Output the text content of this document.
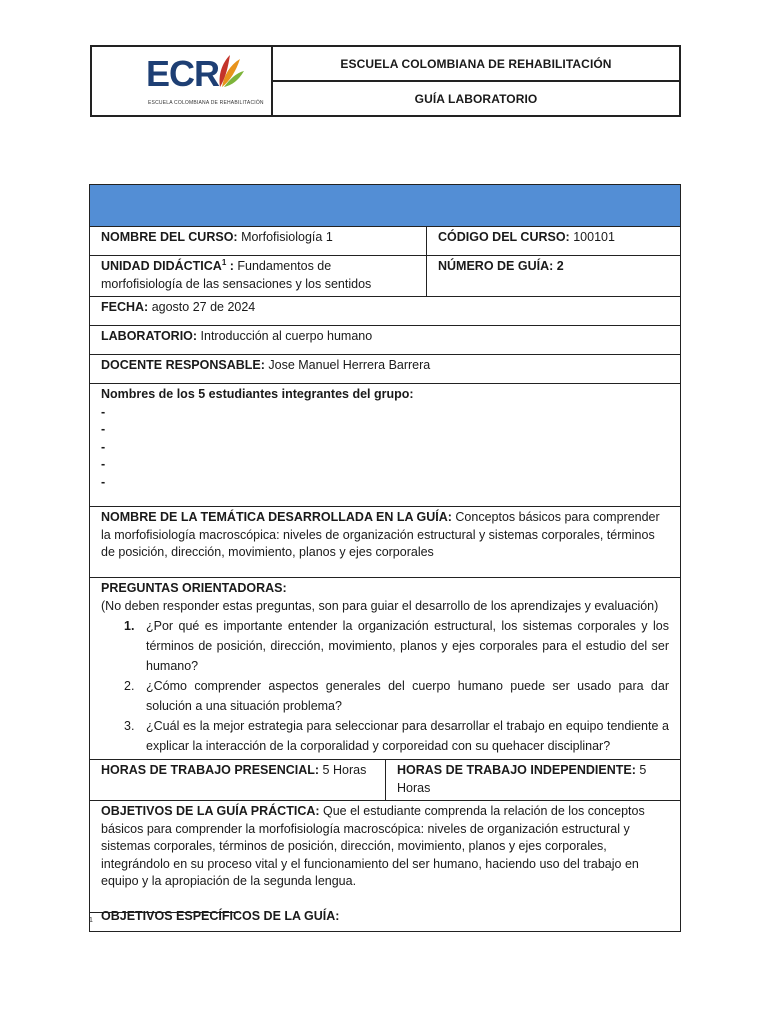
ECR
ESCUELA COLOMBIANA DE REHABILITACIÓN
ESCUELA COLOMBIANA DE REHABILITACIÓN
GUÍA LABORATORIO
NOMBRE DEL CURSO: Morfofisiología 1	CÓDIGO DEL CURSO: 100101
UNIDAD DIDÁCTICA$^1$ : Fundamentos de morfofisiología de las sensaciones y los sentidos
NÚMERO DE GUÍA: 2
FECHA: agosto 27 de 2024
LABORATORIO: Introducción al cuerpo humano
DOCENTE RESPONSABLE: Jose Manuel Herrera Barrera
Nombres de los 5 estudiantes integrantes del grupo:
-
-
-
-
-
NOMBRE DE LA TEMÁTICA DESARROLLADA EN LA GUÍA: Conceptos básicos para comprender la morfofisiología macroscópica: niveles de organización estructural y sistemas corporales, términos de posición, dirección, movimiento, planos y ejes corporales
PREGUNTAS ORIENTADORAS:
(No deben responder estas preguntas, son para guiar el desarrollo de los aprendizajes y evaluación)
1. ¿Por qué es importante entender la organización estructural, los sistemas corporales y los términos de posición, dirección, movimiento, planos y ejes corporales para el estudio del ser humano?
2. ¿Cómo comprender aspectos generales del cuerpo humano puede ser usado para dar solución a una situación problema?
3. ¿Cuál es la mejor estrategia para seleccionar para desarrollar el trabajo en equipo tendiente a explicar la interacción de la corporalidad y corporeidad con su quehacer disciplinar?
HORAS DE TRABAJO PRESENCIAL: 5 Horas	HORAS DE TRABAJO INDEPENDIENTE: 5 Horas
OBJETIVOS DE LA GUÍA PRÁCTICA: Que el estudiante comprenda la relación de los conceptos básicos para comprender la morfofisiología macroscópica: niveles de organización estructural y sistemas corporales, términos de posición, dirección, movimiento, planos y ejes corporales, integrándolo en su proceso vital y el funcionamiento del ser humano, haciendo uso del trabajo en equipo y la apropiación de la segunda lengua.
OBJETIVOS ESPECÍFICOS DE LA GUÍA:
1
